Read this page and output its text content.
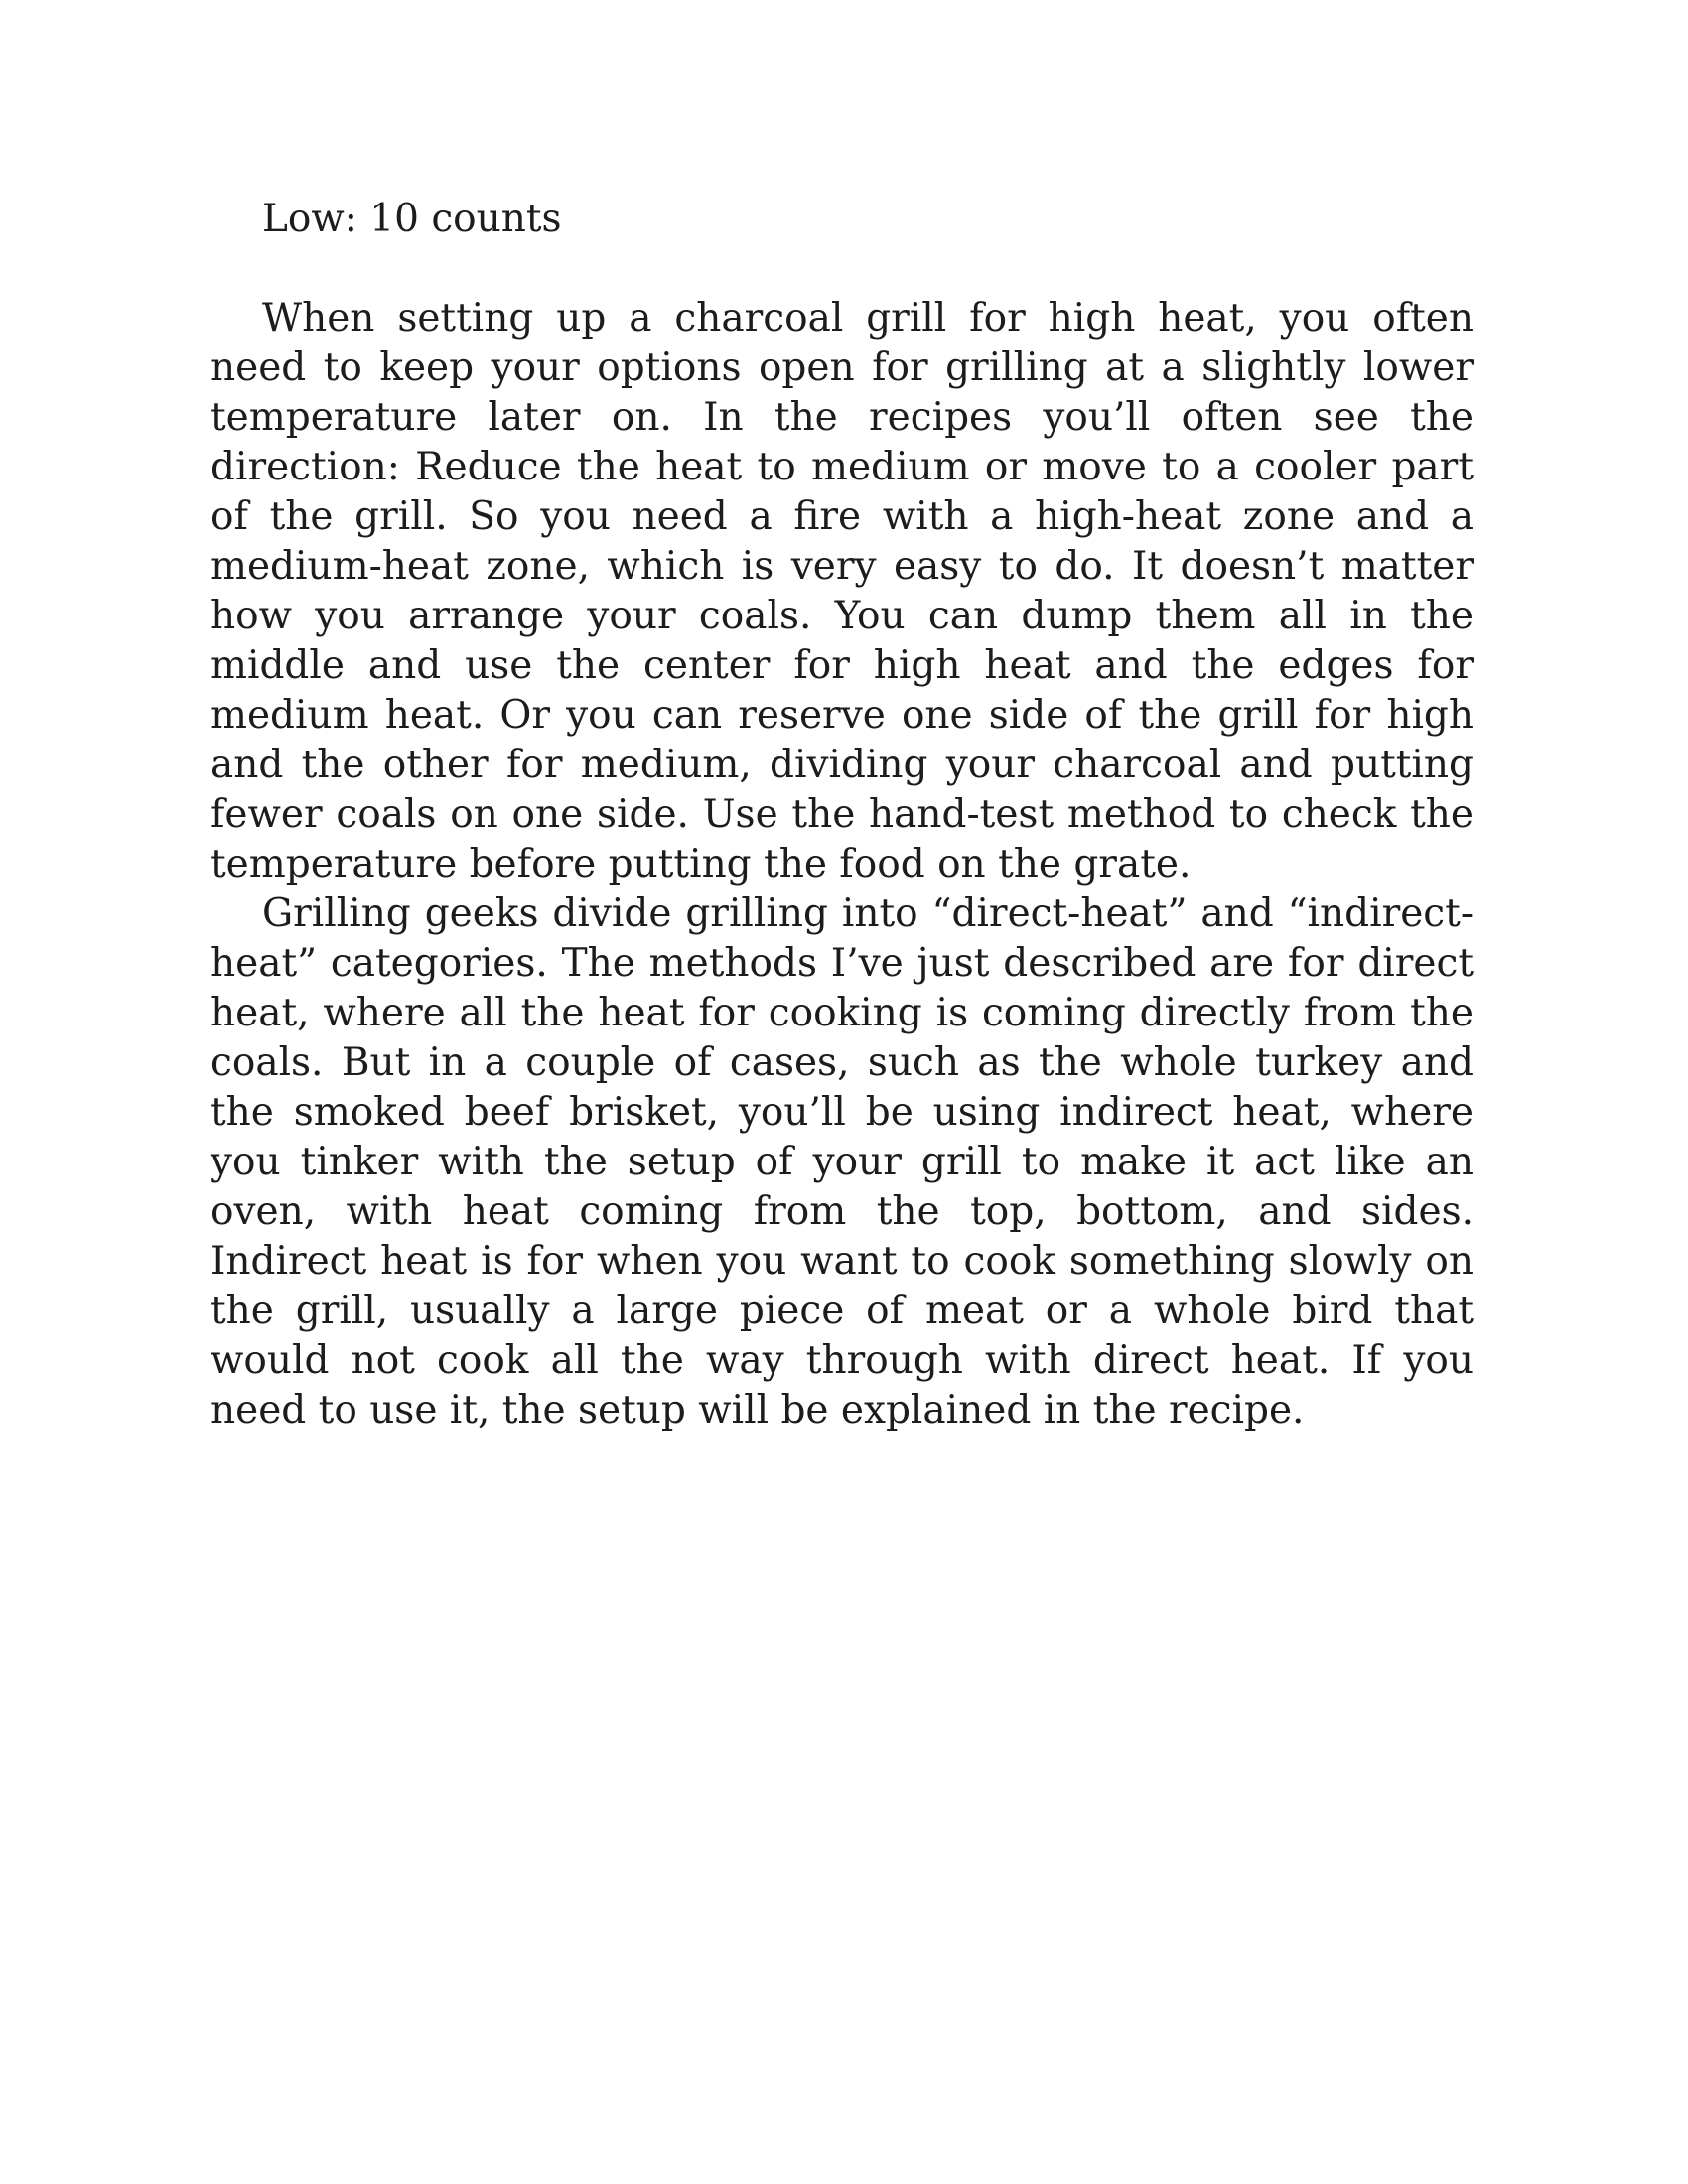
Low: 10 counts

When setting up a charcoal grill for high heat, you often need to keep your options open for grilling at a slightly lower temperature later on. In the recipes you’ll often see the direction: Reduce the heat to medium or move to a cooler part of the grill. So you need a fire with a high-heat zone and a medium-heat zone, which is very easy to do. It doesn’t matter how you arrange your coals. You can dump them all in the middle and use the center for high heat and the edges for medium heat. Or you can reserve one side of the grill for high and the other for medium, dividing your charcoal and putting fewer coals on one side. Use the hand-test method to check the temperature before putting the food on the grate.

Grilling geeks divide grilling into “direct-heat” and “indirect-heat” categories. The methods I’ve just described are for direct heat, where all the heat for cooking is coming directly from the coals. But in a couple of cases, such as the whole turkey and the smoked beef brisket, you’ll be using indirect heat, where you tinker with the setup of your grill to make it act like an oven, with heat coming from the top, bottom, and sides. Indirect heat is for when you want to cook something slowly on the grill, usually a large piece of meat or a whole bird that would not cook all the way through with direct heat. If you need to use it, the setup will be explained in the recipe.
